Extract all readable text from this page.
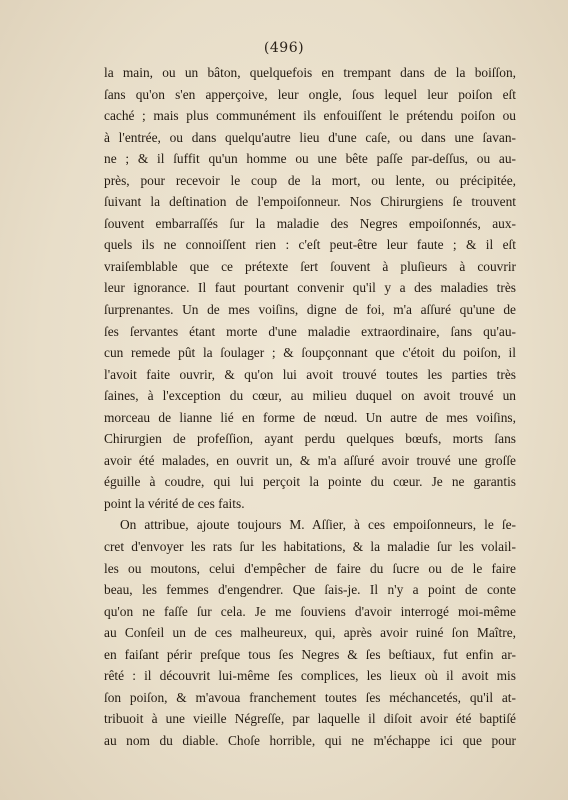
(496)
la main, ou un bâton, quelquefois en trempant dans de la boiſſon,
ſans qu'on s'en apperçoive, leur ongle, ſous lequel leur poiſon eſt
caché ; mais plus communément ils enfouiſſent le prétendu poiſon ou
à l'entrée, ou dans quelqu'autre lieu d'une caſe, ou dans une ſavan-
ne ; & il ſuffit qu'un homme ou une bête paſſe par-deſſus, ou au-
près, pour recevoir le coup de la mort, ou lente, ou précipitée,
ſuivant la deſtination de l'empoiſonneur. Nos Chirurgiens ſe trouvent
ſouvent embarraſſés ſur la maladie des Negres empoiſonnés, aux-
quels ils ne connoiſſent rien : c'eſt peut-être leur faute ; & il eſt
vraiſemblable que ce prétexte ſert ſouvent à pluſieurs à couvrir
leur ignorance. Il faut pourtant convenir qu'il y a des maladies très
ſurprenantes. Un de mes voiſins, digne de foi, m'a aſſuré qu'une de
ſes ſervantes étant morte d'une maladie extraordinaire, ſans qu'au-
cun remede pût la ſoulager ; & ſoupçonnant que c'étoit du poiſon, il
l'avoit faite ouvrir, & qu'on lui avoit trouvé toutes les parties très
ſaines, à l'exception du cœur, au milieu duquel on avoit trouvé un
morceau de lianne lié en forme de nœud. Un autre de mes voiſins,
Chirurgien de profeſſion, ayant perdu quelques bœufs, morts ſans
avoir été malades, en ouvrit un, & m'a aſſuré avoir trouvé une groſſe
éguille à coudre, qui lui perçoit la pointe du cœur. Je ne garantis
point la vérité de ces faits.
On attribue, ajoute toujours M. Aſſier, à ces empoiſonneurs, le ſe-
cret d'envoyer les rats ſur les habitations, & la maladie ſur les volail-
les ou moutons, celui d'empêcher de faire du ſucre ou de le faire
beau, les femmes d'engendrer. Que ſais-je. Il n'y a point de conte
qu'on ne faſſe ſur cela. Je me ſouviens d'avoir interrogé moi-même
au Conſeil un de ces malheureux, qui, après avoir ruiné ſon Maître,
en faiſant périr preſque tous ſes Negres & ſes beſtiaux, fut enfin ar-
rêté : il découvrit lui-même ſes complices, les lieux où il avoit mis
ſon poiſon, & m'avoua franchement toutes ſes méchancetés, qu'il at-
tribuoit à une vieille Négreſſe, par laquelle il diſoit avoir été baptiſé
au nom du diable. Choſe horrible, qui ne m'échappe ici que pour
